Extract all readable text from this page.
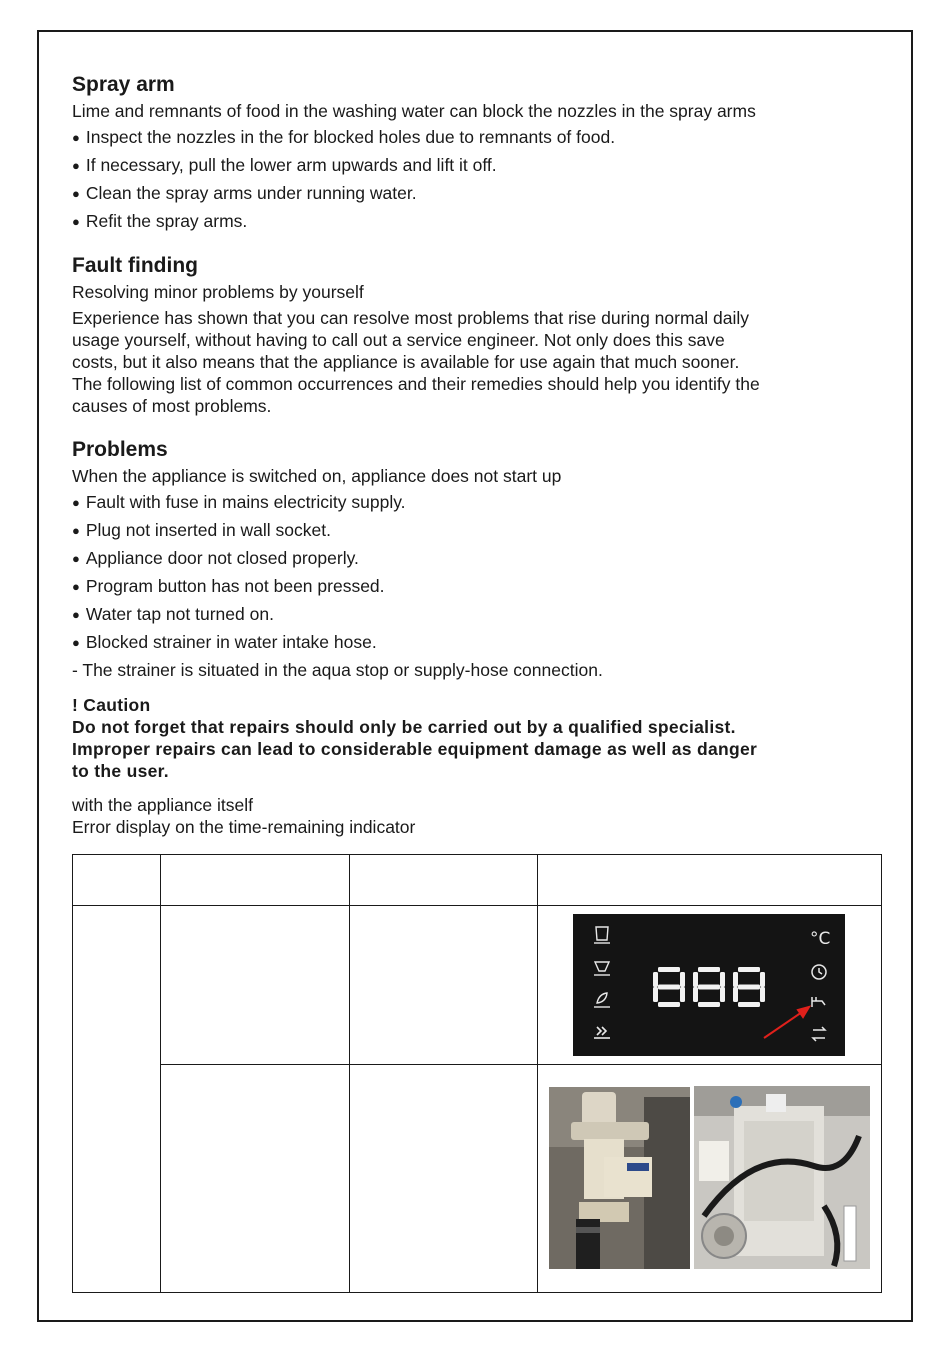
Spray arm

Lime and remnants of food in the washing water can block the nozzles in the spray arms

● Inspect the nozzles in the for blocked holes due to remnants of food.

● If necessary, pull the lower arm upwards and lift it off.

● Clean the spray arms under running water.

● Refit the spray arms.

Fault finding

Resolving minor problems by yourself

Experience has shown that you can resolve most problems that rise during normal daily

usage yourself, without having to call out a service engineer. Not only does this save

costs, but it also means that the appliance is available for use again that much sooner.

The following list of common occurrences and their remedies should help you identify the

causes of most problems.

Problems

When the appliance is switched on, appliance does not start up

● Fault with fuse in mains electricity supply.

● Plug not inserted in wall socket.

● Appliance door not closed properly.

● Program button has not been pressed.

● Water tap not turned on.

● Blocked strainer in water intake hose.

- The strainer is situated in the aqua stop or supply-hose connection.

! Caution

Do not forget that repairs should only be carried out by a qualified specialist.

Improper repairs can lead to considerable equipment damage as well as danger

to the user.

with the appliance itself

Error display on the time-remaining indicator

°C
